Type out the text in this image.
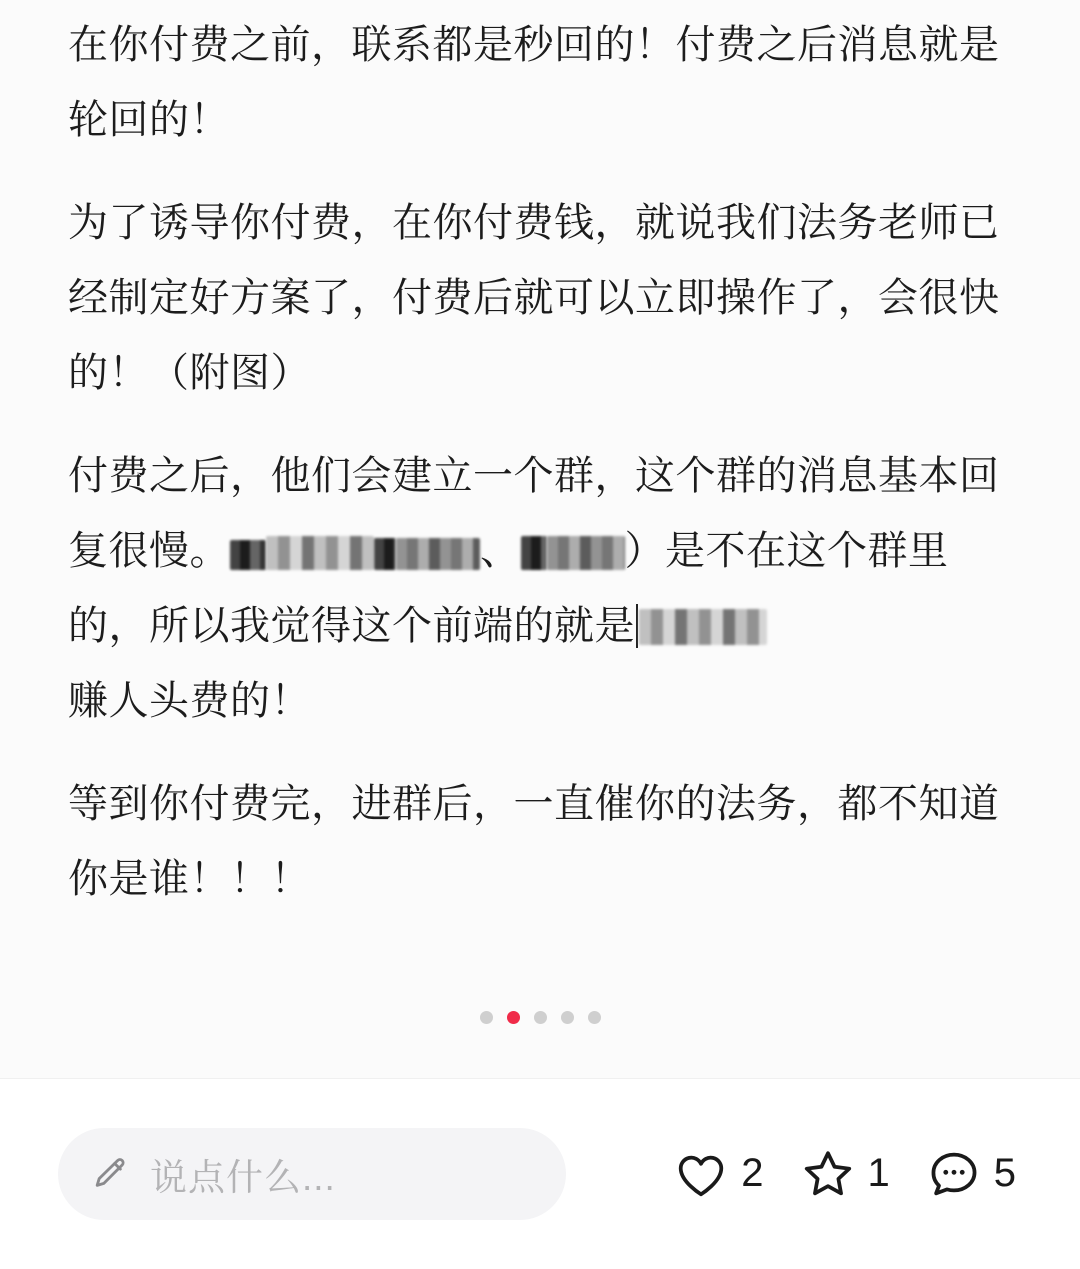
在你付费之前，联系都是秒回的！付费之后消息就是轮回的！

为了诱导你付费，在你付费钱，就说我们法务老师已经制定好方案了，付费后就可以立即操作了，会很快的！（附图）

付费之后，他们会建立一个群，这个群的消息基本回复很慢。	、	）是不在这个群里的，所以我觉得这个前端的就是
赚人头费的！

等到你付费完，进群后，一直催你的法务，都不知道你是谁！！！

说点什么...	2	1	5
